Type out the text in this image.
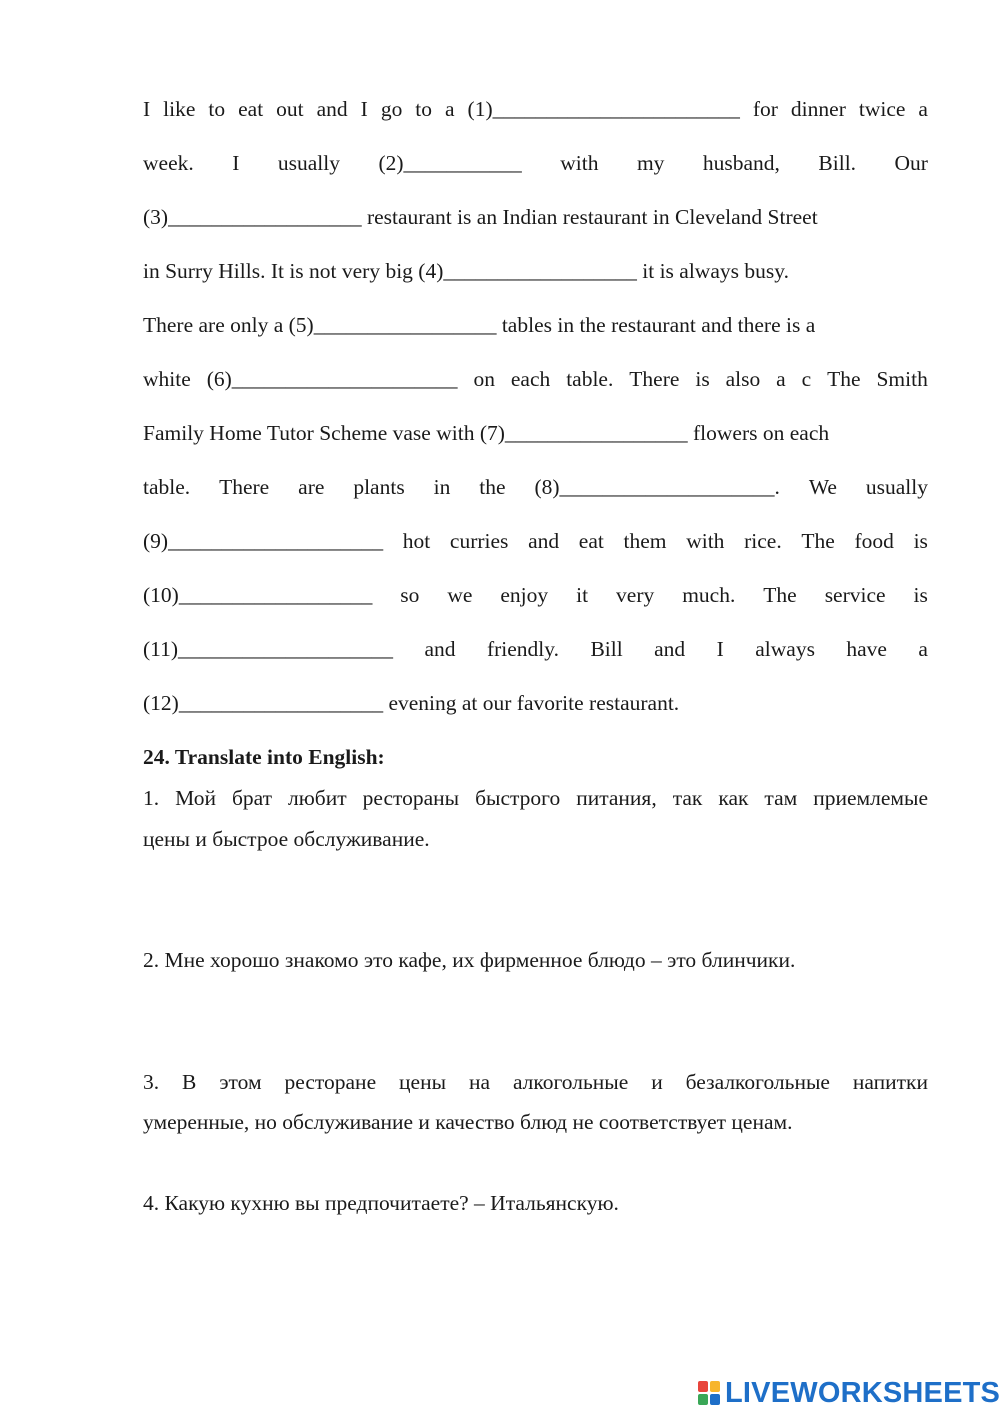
I like to eat out and I go to a (1)_______________________ for dinner twice a
week. I usually (2)___________ with my husband, Bill. Our
(3)__________________ restaurant is an Indian restaurant in Cleveland Street
in Surry Hills. It is not very big (4)__________________ it is always busy.
There are only a (5)_________________ tables in the restaurant and there is a
white (6)_____________________ on each table. There is also a c The Smith
Family Home Tutor Scheme vase with (7)_________________ flowers on each
table. There are plants in the (8)____________________. We usually
(9)____________________ hot curries and eat them with rice. The food is
(10)__________________ so we enjoy it very much. The service is
(11)____________________ and friendly. Bill and I always have a
(12)___________________ evening at our favorite restaurant.
24. Translate into English:
1. Мой брат любит рестораны быстрого питания, так как там приемлемые
цены и быстрое обслуживание.
2. Мне хорошо знакомо это кафе, их фирменное блюдо – это блинчики.
3. В этом ресторане цены на алкогольные и безалкогольные напитки
умеренные, но обслуживание и качество блюд не соответствует ценам.
4. Какую кухню вы предпочитаете? – Итальянскую.
LIVEWORKSHEETS
